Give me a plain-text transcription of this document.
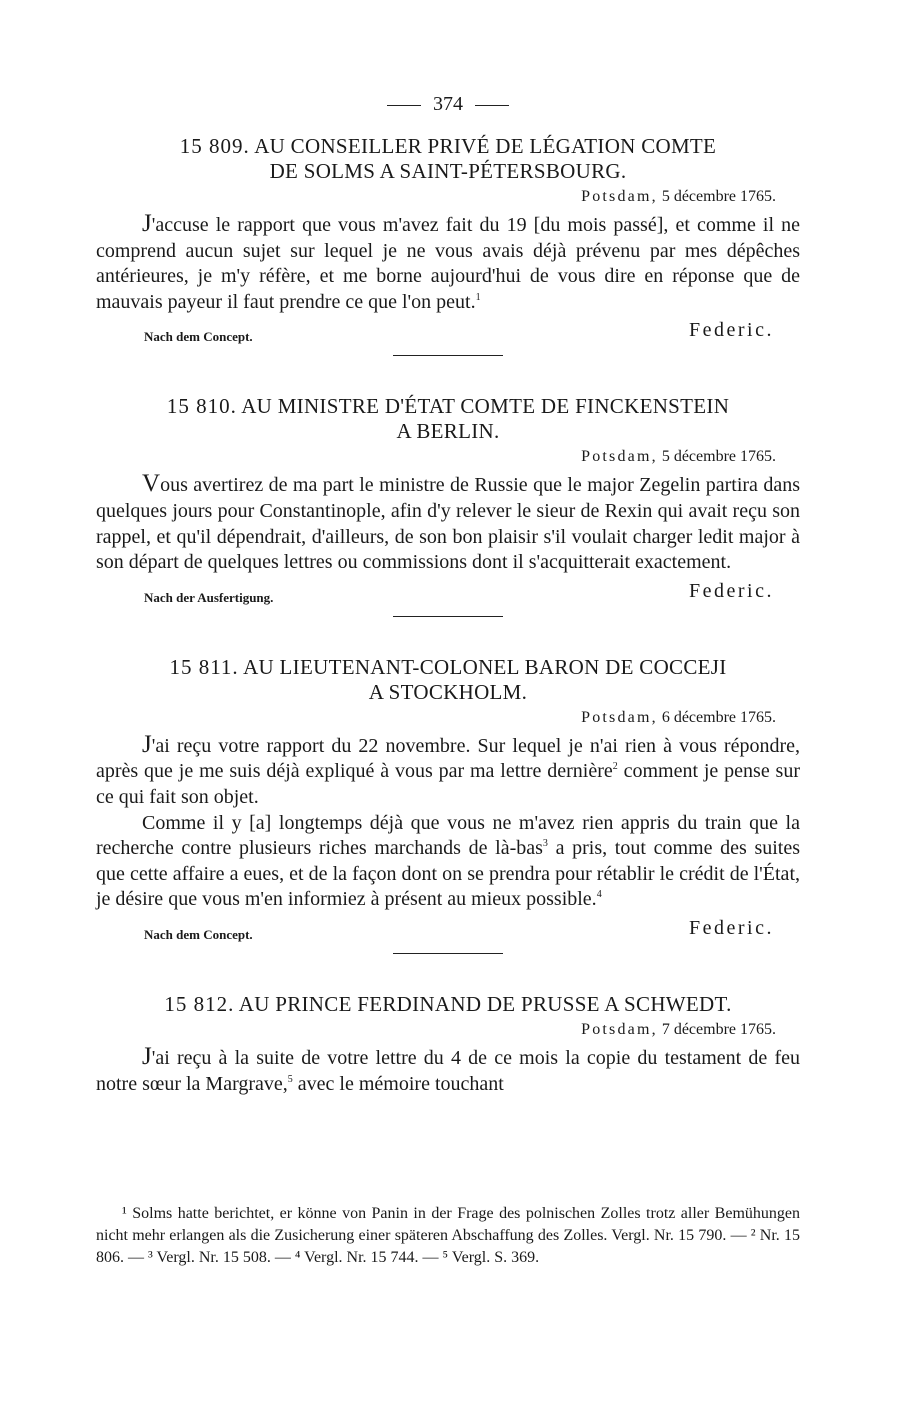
374
15 809. AU CONSEILLER PRIVÉ DE LÉGATION COMTE
DE SOLMS A SAINT-PÉTERSBOURG.
Potsdam, 5 décembre 1765.

J'accuse le rapport que vous m'avez fait du 19 [du mois passé], et comme il ne comprend aucun sujet sur lequel je ne vous avais déjà prévenu par mes dépêches antérieures, je m'y réfère, et me borne aujourd'hui de vous dire en réponse que de mauvais payeur il faut prendre ce que l'on peut.$^1$

Nach dem Concept.	Federic.
15 810. AU MINISTRE D'ÉTAT COMTE DE FINCKENSTEIN
A BERLIN.
Potsdam, 5 décembre 1765.

Vous avertirez de ma part le ministre de Russie que le major Zegelin partira dans quelques jours pour Constantinople, afin d'y relever le sieur de Rexin qui avait reçu son rappel, et qu'il dépendrait, d'ailleurs, de son bon plaisir s'il voulait charger ledit major à son départ de quelques lettres ou commissions dont il s'acquitterait exactement.

Nach der Ausfertigung.	Federic.
15 811. AU LIEUTENANT-COLONEL BARON DE COCCEJI
A STOCKHOLM.
Potsdam, 6 décembre 1765.

J'ai reçu votre rapport du 22 novembre. Sur lequel je n'ai rien à vous répondre, après que je me suis déjà expliqué à vous par ma lettre dernière$^2$ comment je pense sur ce qui fait son objet.

Comme il y [a] longtemps déjà que vous ne m'avez rien appris du train que la recherche contre plusieurs riches marchands de là-bas$^3$ a pris, tout comme des suites que cette affaire a eues, et de la façon dont on se prendra pour rétablir le crédit de l'État, je désire que vous m'en informiez à présent au mieux possible.$^4$

Nach dem Concept.	Federic.
15 812. AU PRINCE FERDINAND DE PRUSSE A SCHWEDT.
Potsdam, 7 décembre 1765.

J'ai reçu à la suite de votre lettre du 4 de ce mois la copie du testament de feu notre sœur la Margrave,$^5$ avec le mémoire touchant

¹ Solms hatte berichtet, er könne von Panin in der Frage des polnischen Zolles trotz aller Bemühungen nicht mehr erlangen als die Zusicherung einer späteren Abschaffung des Zolles. Vergl. Nr. 15 790. — ² Nr. 15 806. — ³ Vergl. Nr. 15 508. — ⁴ Vergl. Nr. 15 744. — ⁵ Vergl. S. 369.
